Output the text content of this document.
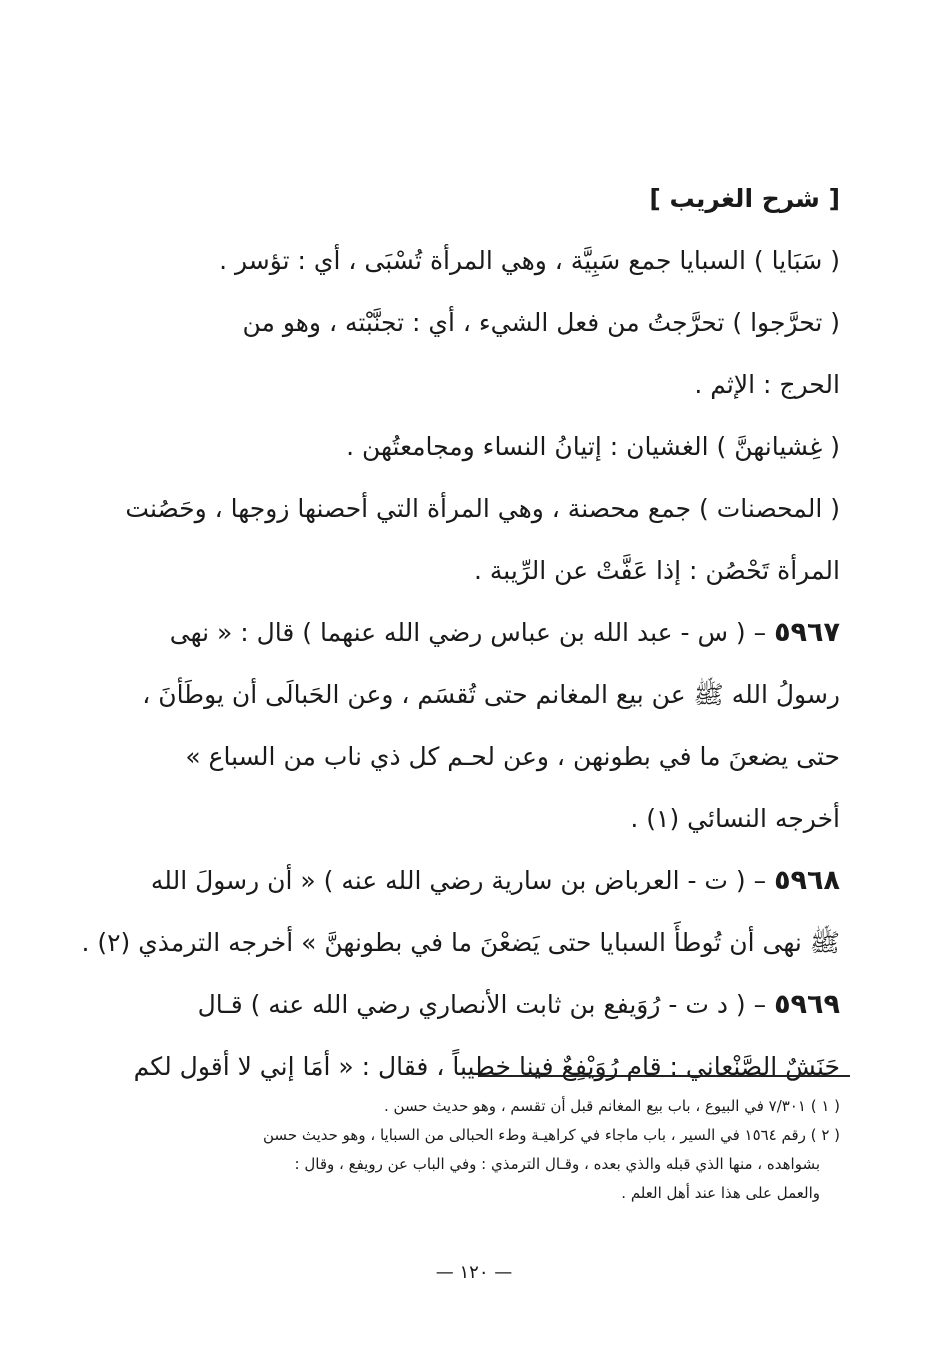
[ شرح الغريب ]
( سَبَايا ) السبايا جمع سَبِيَّة ، وهي المرأة تُسْبَى ، أي : تؤسر .
( تحرَّجوا ) تحرَّجتُ من فعل الشيء ، أي : تجنَّبْته ، وهو من
الحرج : الإثم .
( غِشيانهنَّ ) الغشيان : إتيانُ النساء ومجامعتُهن .
( المحصنات ) جمع محصنة ، وهي المرأة التي أحصنها زوجها ، وحَصُنت
المرأة تَحْصُن : إذا عَفَّتْ عن الرِّيبة .
٥٩٦٧ – ( س - عبد الله بن عباس رضي الله عنهما ) قال : « نهى
رسولُ الله ﷺ عن بيع المغانم حتى تُقسَم ، وعن الحَبالَى أن يوطَأنَ ،
حتى يضعنَ ما في بطونهن ، وعن لحـم كل ذي ناب من السباع »
أخرجه النسائي (١) .
٥٩٦٨ – ( ت - العرباض بن سارية رضي الله عنه ) « أن رسولَ الله
ﷺ نهى أن تُوطأَ السبايا حتى يَضعْنَ ما في بطونهنَّ » أخرجه الترمذي (٢) .
٥٩٦٩ – ( د ت - رُوَيفع بن ثابت الأنصاري رضي الله عنه ) قـال
حَنَشٌ الصَّنْعاني : قام رُوَيْفِعٌ فينا خطيباً ، فقال : « أمَا إني لا أقول لكم
( ١ ) ٧/٣٠١ في البيوع ، باب بيع المغانم قبل أن تقسم ، وهو حديث حسن .
( ٢ ) رقم ١٥٦٤ في السير ، باب ماجاء في كراهيـة وطء الحبالى من السبايا ، وهو حديث حسن
بشواهده ، منها الذي قبله والذي بعده ، وقـال الترمذي : وفي الباب عن رويفع ، وقال :
والعمل على هذا عند أهل العلم .
— ١٢٠ —
